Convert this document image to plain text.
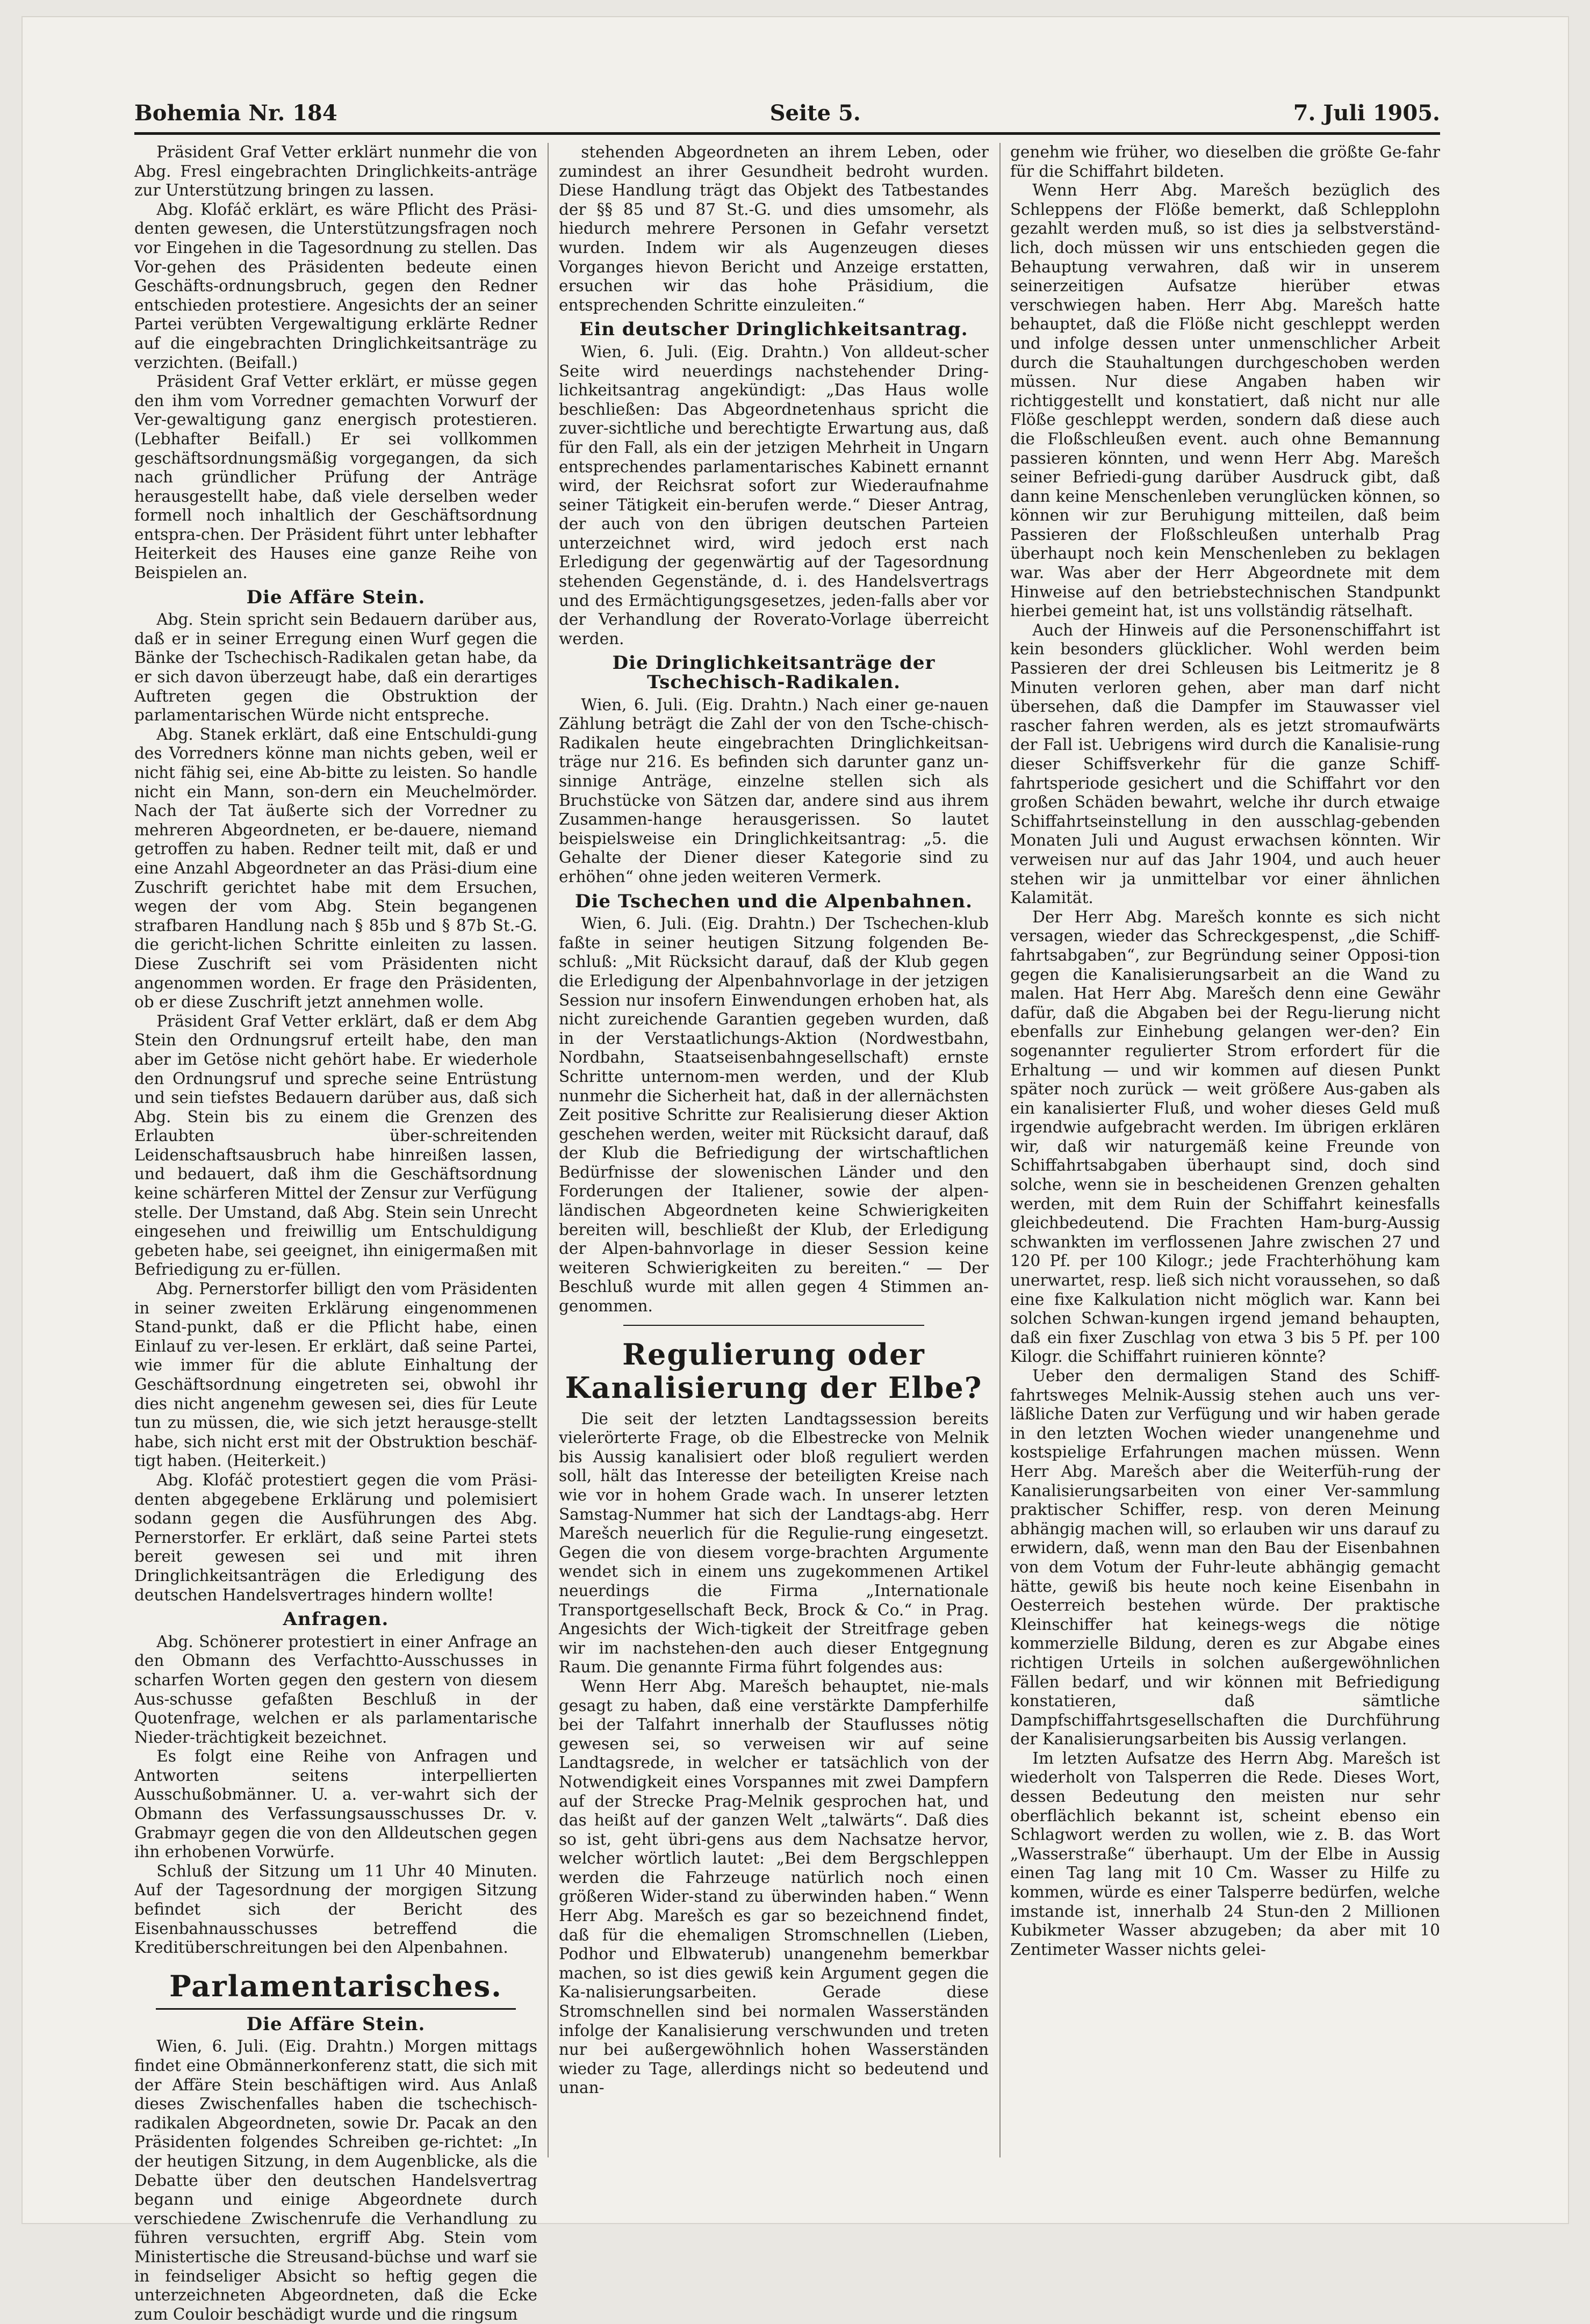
Bohemia Nr. 184	Seite 5.	7. Juli 1905.

Präsident Graf Vetter erklärt nunmehr die von Abg. Fresl eingebrachten Dringlichkeits-anträge zur Unterstützung bringen zu lassen.

Abg. Klofáč erklärt, es wäre Pflicht des Präsi-denten gewesen, die Unterstützungsfragen noch vor Eingehen in die Tagesordnung zu stellen. Das Vor-gehen des Präsidenten bedeute einen Geschäfts-ordnungsbruch, gegen den Redner entschieden protestiere. Angesichts der an seiner Partei verübten Vergewaltigung erklärte Redner auf die eingebrachten Dringlichkeitsanträge zu verzichten. (Beifall.)

Präsident Graf Vetter erklärt, er müsse gegen den ihm vom Vorredner gemachten Vorwurf der Ver-gewaltigung ganz energisch protestieren. (Lebhafter Beifall.) Er sei vollkommen geschäftsordnungsmäßig vorgegangen, da sich nach gründlicher Prüfung der Anträge herausgestellt habe, daß viele derselben weder formell noch inhaltlich der Geschäftsordnung entspra-chen. Der Präsident führt unter lebhafter Heiterkeit des Hauses eine ganze Reihe von Beispielen an.

Die Affäre Stein.

Abg. Stein spricht sein Bedauern darüber aus, daß er in seiner Erregung einen Wurf gegen die Bänke der Tschechisch-Radikalen getan habe, da er sich davon überzeugt habe, daß ein derartiges Auftreten gegen die Obstruktion der parlamentarischen Würde nicht entspreche.

Abg. Stanek erklärt, daß eine Entschuldi-gung des Vorredners könne man nichts geben, weil er nicht fähig sei, eine Ab-bitte zu leisten. So handle nicht ein Mann, son-dern ein Meuchelmörder. Nach der Tat äußerte sich der Vorredner zu mehreren Abgeordneten, er be-dauere, niemand getroffen zu haben. Redner teilt mit, daß er und eine Anzahl Abgeordneter an das Präsi-dium eine Zuschrift gerichtet habe mit dem Ersuchen, wegen der vom Abg. Stein begangenen strafbaren Handlung nach § 85b und § 87b St.-G. die gericht-lichen Schritte einleiten zu lassen. Diese Zuschrift sei vom Präsidenten nicht angenommen worden. Er frage den Präsidenten, ob er diese Zuschrift jetzt annehmen wolle.

Präsident Graf Vetter erklärt, daß er dem Abg Stein den Ordnungsruf erteilt habe, den man aber im Getöse nicht gehört habe. Er wiederhole den Ordnungsruf und spreche seine Entrüstung und sein tiefstes Bedauern darüber aus, daß sich Abg. Stein bis zu einem die Grenzen des Erlaubten über-schreitenden Leidenschaftsausbruch habe hinreißen lassen, und bedauert, daß ihm die Geschäftsordnung keine schärferen Mittel der Zensur zur Verfügung stelle. Der Umstand, daß Abg. Stein sein Unrecht eingesehen und freiwillig um Entschuldigung gebeten habe, sei geeignet, ihn einigermaßen mit Befriedigung zu er-füllen.

Abg. Pernerstorfer billigt den vom Präsidenten in seiner zweiten Erklärung eingenommenen Stand-punkt, daß er die Pflicht habe, einen Einlauf zu ver-lesen. Er erklärt, daß seine Partei, wie immer für die ablute Einhaltung der Geschäftsordnung eingetreten sei, obwohl ihr dies nicht angenehm gewesen sei, dies für Leute tun zu müssen, die, wie sich jetzt herausge-stellt habe, sich nicht erst mit der Obstruktion beschäf-tigt haben. (Heiterkeit.)

Abg. Klofáč protestiert gegen die vom Präsi-denten abgegebene Erklärung und polemisiert sodann gegen die Ausführungen des Abg. Pernerstorfer. Er erklärt, daß seine Partei stets bereit gewesen sei und mit ihren Dringlichkeitsanträgen die Erledigung des deutschen Handelsvertrages hindern wollte!

Anfragen.

Abg. Schönerer protestiert in einer Anfrage an den Obmann des Verfachtto-Ausschusses in scharfen Worten gegen den gestern von diesem Aus-schusse gefaßten Beschluß in der Quotenfrage, welchen er als parlamentarische Nieder-trächtigkeit bezeichnet.

Es folgt eine Reihe von Anfragen und Antworten seitens interpellierten Ausschußobmänner. U. a. ver-wahrt sich der Obmann des Verfassungsausschusses Dr. v. Grabmayr gegen die von den Alldeutschen gegen ihn erhobenen Vorwürfe.

Schluß der Sitzung um 11 Uhr 40 Minuten. Auf der Tagesordnung der morgigen Sitzung befindet sich der Bericht des Eisenbahnausschusses betreffend die Kreditüberschreitungen bei den Alpenbahnen.

Parlamentarisches.

Die Affäre Stein.

Wien, 6. Juli. (Eig. Drahtn.) Morgen mittags findet eine Obmännerkonferenz statt, die sich mit der Affäre Stein beschäftigen wird. Aus Anlaß dieses Zwischenfalles haben die tschechisch-radikalen Abgeordneten, sowie Dr. Pacak an den Präsidenten folgendes Schreiben ge-richtet: „In der heutigen Sitzung, in dem Augenblicke, als die Debatte über den deutschen Handelsvertrag begann und einige Abgeordnete durch verschiedene Zwischenrufe die Verhandlung zu führen versuchten, ergriff Abg. Stein vom Ministertische die Streusand-büchse und warf sie in feindseliger Absicht so heftig gegen die unterzeichneten Abgeordneten, daß die Ecke zum Couloir beschädigt wurde und die ringsum

stehenden Abgeordneten an ihrem Leben, oder zumindest an ihrer Gesundheit bedroht wurden. Diese Handlung trägt das Objekt des Tatbestandes der §§ 85 und 87 St.-G. und dies umsomehr, als hiedurch mehrere Personen in Gefahr versetzt wurden. Indem wir als Augenzeugen dieses Vorganges hievon Bericht und Anzeige erstatten, ersuchen wir das hohe Präsidium, die entsprechenden Schritte einzuleiten.“

Ein deutscher Dringlichkeitsantrag.

Wien, 6. Juli. (Eig. Drahtn.) Von alldeut-scher Seite wird neuerdings nachstehender Dring-lichkeitsantrag angekündigt: „Das Haus wolle beschließen: Das Abgeordnetenhaus spricht die zuver-sichtliche und berechtigte Erwartung aus, daß für den Fall, als ein der jetzigen Mehrheit in Ungarn entsprechendes parlamentarisches Kabinett ernannt wird, der Reichsrat sofort zur Wiederaufnahme seiner Tätigkeit ein-berufen werde.“ Dieser Antrag, der auch von den übrigen deutschen Parteien unterzeichnet wird, wird jedoch erst nach Erledigung der gegenwärtig auf der Tagesordnung stehenden Gegenstände, d. i. des Handelsvertrags und des Ermächtigungsgesetzes, jeden-falls aber vor der Verhandlung der Roverato-Vorlage überreicht werden.

Die Dringlichkeitsanträge der Tschechisch-Radikalen.

Wien, 6. Juli. (Eig. Drahtn.) Nach einer ge-nauen Zählung beträgt die Zahl der von den Tsche-chisch-Radikalen heute eingebrachten Dringlichkeitsan-träge nur 216. Es befinden sich darunter ganz un-sinnige Anträge, einzelne stellen sich als Bruchstücke von Sätzen dar, andere sind aus ihrem Zusammen-hange herausgerissen. So lautet beispielsweise ein Dringlichkeitsantrag: „5. die Gehalte der Diener dieser Kategorie sind zu erhöhen“ ohne jeden weiteren Vermerk.

Die Tschechen und die Alpenbahnen.

Wien, 6. Juli. (Eig. Drahtn.) Der Tschechen-klub faßte in seiner heutigen Sitzung folgenden Be-schluß: „Mit Rücksicht darauf, daß der Klub gegen die Erledigung der Alpenbahnvorlage in der jetzigen Session nur insofern Einwendungen erhoben hat, als nicht zureichende Garantien gegeben wurden, daß in der Verstaatlichungs-Aktion (Nordwestbahn, Nordbahn, Staatseisenbahngesellschaft) ernste Schritte unternom-men werden, und der Klub nunmehr die Sicherheit hat, daß in der allernächsten Zeit positive Schritte zur Realisierung dieser Aktion geschehen werden, weiter mit Rücksicht darauf, daß der Klub die Befriedigung der wirtschaftlichen Bedürfnisse der slowenischen Länder und den Forderungen der Italiener, sowie der alpen-ländischen Abgeordneten keine Schwierigkeiten bereiten will, beschließt der Klub, der Erledigung der Alpen-bahnvorlage in dieser Session keine weiteren Schwierigkeiten zu bereiten.“ — Der Beschluß wurde mit allen gegen 4 Stimmen an-genommen.

Regulierung oder Kanalisierung der Elbe?

Die seit der letzten Landtagssession bereits vielerörterte Frage, ob die Elbestrecke von Melnik bis Aussig kanalisiert oder bloß reguliert werden soll, hält das Interesse der beteiligten Kreise nach wie vor in hohem Grade wach. In unserer letzten Samstag-Nummer hat sich der Landtags-abg. Herr Marešch neuerlich für die Regulie-rung eingesetzt. Gegen die von diesem vorge-brachten Argumente wendet sich in einem uns zugekommenen Artikel neuerdings die Firma „Internationale Transportgesellschaft Beck, Brock & Co.“ in Prag. Angesichts der Wich-tigkeit der Streitfrage geben wir im nachstehen-den auch dieser Entgegnung Raum. Die genannte Firma führt folgendes aus:

Wenn Herr Abg. Marešch behauptet, nie-mals gesagt zu haben, daß eine verstärkte Dampferhilfe bei der Talfahrt innerhalb der Stauflusses nötig gewesen sei, so verweisen wir auf seine Landtagsrede, in welcher er tatsächlich von der Notwendigkeit eines Vorspannes mit zwei Dampfern auf der Strecke Prag-Melnik gesprochen hat, und das heißt auf der ganzen Welt „talwärts“. Daß dies so ist, geht übri-gens aus dem Nachsatze hervor, welcher wörtlich lautet: „Bei dem Bergschleppen werden die Fahrzeuge natürlich noch einen größeren Wider-stand zu überwinden haben.“ Wenn Herr Abg. Marešch es gar so bezeichnend findet, daß für die ehemaligen Stromschnellen (Lieben, Podhor und Elbwaterub) unangenehm bemerkbar machen, so ist dies gewiß kein Argument gegen die Ka-nalisierungsarbeiten. Gerade diese Stromschnellen sind bei normalen Wasserständen infolge der Kanalisierung verschwunden und treten nur bei außergewöhnlich hohen Wasserständen wieder zu Tage, allerdings nicht so bedeutend und unan-

genehm wie früher, wo dieselben die größte Ge-fahr für die Schiffahrt bildeten.

Wenn Herr Abg. Marešch bezüglich des Schleppens der Flöße bemerkt, daß Schlepplohn gezahlt werden muß, so ist dies ja selbstverständ-lich, doch müssen wir uns entschieden gegen die Behauptung verwahren, daß wir in unserem seinerzeitigen Aufsatze hierüber etwas verschwiegen haben. Herr Abg. Marešch hatte behauptet, daß die Flöße nicht geschleppt werden und infolge dessen unter unmenschlicher Arbeit durch die Stauhaltungen durchgeschoben werden müssen. Nur diese Angaben haben wir richtiggestellt und konstatiert, daß nicht nur alle Flöße geschleppt werden, sondern daß diese auch die Floßschleußen event. auch ohne Bemannung passieren könnten, und wenn Herr Abg. Marešch seiner Befriedi-gung darüber Ausdruck gibt, daß dann keine Menschenleben verunglücken können, so können wir zur Beruhigung mitteilen, daß beim Passieren der Floßschleußen unterhalb Prag überhaupt noch kein Menschenleben zu beklagen war. Was aber der Herr Abgeordnete mit dem Hinweise auf den betriebstechnischen Standpunkt hierbei gemeint hat, ist uns vollständig rätselhaft.

Auch der Hinweis auf die Personenschiffahrt ist kein besonders glücklicher. Wohl werden beim Passieren der drei Schleusen bis Leitmeritz je 8 Minuten verloren gehen, aber man darf nicht übersehen, daß die Dampfer im Stauwasser viel rascher fahren werden, als es jetzt stromaufwärts der Fall ist. Uebrigens wird durch die Kanalisie-rung dieser Schiffsverkehr für die ganze Schiff-fahrtsperiode gesichert und die Schiffahrt vor den großen Schäden bewahrt, welche ihr durch etwaige Schiffahrtseinstellung in den ausschlag-gebenden Monaten Juli und August erwachsen könnten. Wir verweisen nur auf das Jahr 1904, und auch heuer stehen wir ja unmittelbar vor einer ähnlichen Kalamität.

Der Herr Abg. Marešch konnte es sich nicht versagen, wieder das Schreckgespenst, „die Schiff-fahrtsabgaben“, zur Begründung seiner Opposi-tion gegen die Kanalisierungsarbeit an die Wand zu malen. Hat Herr Abg. Marešch denn eine Gewähr dafür, daß die Abgaben bei der Regu-lierung nicht ebenfalls zur Einhebung gelangen wer-den? Ein sogenannter regulierter Strom erfordert für die Erhaltung — und wir kommen auf diesen Punkt später noch zurück — weit größere Aus-gaben als ein kanalisierter Fluß, und woher dieses Geld muß irgendwie aufgebracht werden. Im übrigen erklären wir, daß wir naturgemäß keine Freunde von Schiffahrtsabgaben überhaupt sind, doch sind solche, wenn sie in bescheidenen Grenzen gehalten werden, mit dem Ruin der Schiffahrt keinesfalls gleichbedeutend. Die Frachten Ham-burg-Aussig schwankten im verflossenen Jahre zwischen 27 und 120 Pf. per 100 Kilogr.; jede Frachterhöhung kam unerwartet, resp. ließ sich nicht voraussehen, so daß eine fixe Kalkulation nicht möglich war. Kann bei solchen Schwan-kungen irgend jemand behaupten, daß ein fixer Zuschlag von etwa 3 bis 5 Pf. per 100 Kilogr. die Schiffahrt ruinieren könnte?

Ueber den dermaligen Stand des Schiff-fahrtsweges Melnik-Aussig stehen auch uns ver-läßliche Daten zur Verfügung und wir haben gerade in den letzten Wochen wieder unangenehme und kostspielige Erfahrungen machen müssen. Wenn Herr Abg. Marešch aber die Weiterfüh-rung der Kanalisierungsarbeiten von einer Ver-sammlung praktischer Schiffer, resp. von deren Meinung abhängig machen will, so erlauben wir uns darauf zu erwidern, daß, wenn man den Bau der Eisenbahnen von dem Votum der Fuhr-leute abhängig gemacht hätte, gewiß bis heute noch keine Eisenbahn in Oesterreich bestehen würde. Der praktische Kleinschiffer hat keinegs-wegs die nötige kommerzielle Bildung, deren es zur Abgabe eines richtigen Urteils in solchen außergewöhnlichen Fällen bedarf, und wir können mit Befriedigung konstatieren, daß sämtliche Dampfschiffahrtsgesellschaften die Durchführung der Kanalisierungsarbeiten bis Aussig verlangen.

Im letzten Aufsatze des Herrn Abg. Marešch ist wiederholt von Talsperren die Rede. Dieses Wort, dessen Bedeutung den meisten nur sehr oberflächlich bekannt ist, scheint ebenso ein Schlagwort werden zu wollen, wie z. B. das Wort „Wasserstraße“ überhaupt. Um der Elbe in Aussig einen Tag lang mit 10 Cm. Wasser zu Hilfe zu kommen, würde es einer Talsperre bedürfen, welche imstande ist, innerhalb 24 Stun-den 2 Millionen Kubikmeter Wasser abzugeben; da aber mit 10 Zentimeter Wasser nichts gelei-
